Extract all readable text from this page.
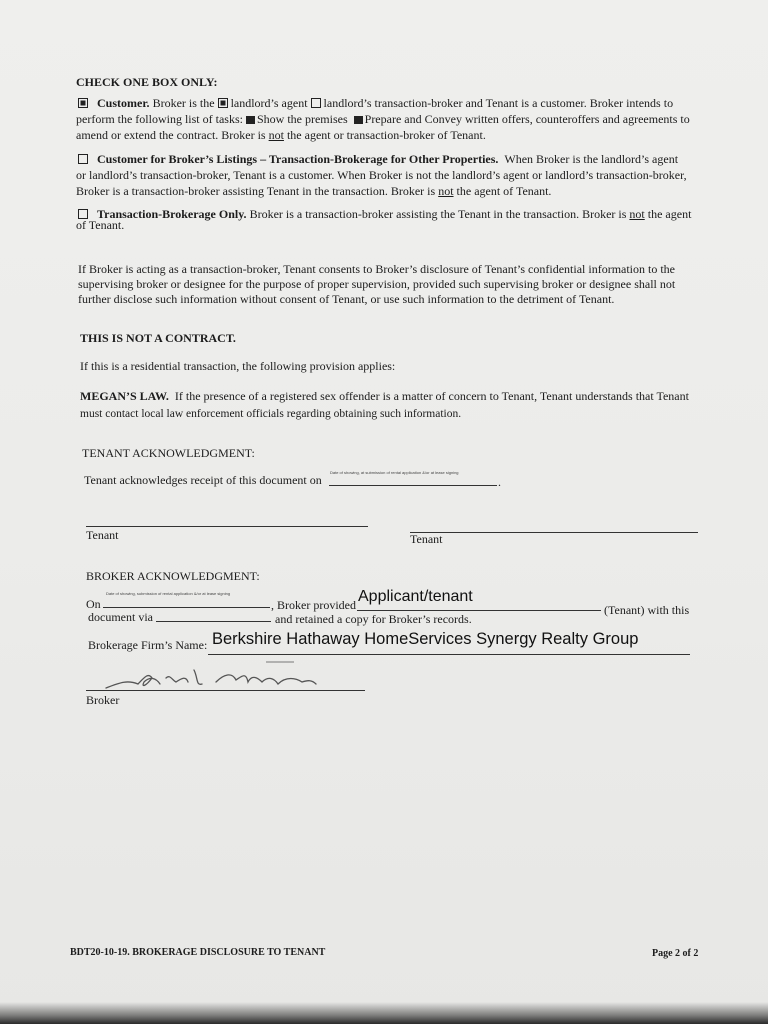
CHECK ONE BOX ONLY:
Customer. Broker is the landlord’s agent landlord’s transaction-broker and Tenant is a customer. Broker intends to
perform the following list of tasks: Show the premises Prepare and Convey written offers, counteroffers and agreements to
amend or extend the contract. Broker is not the agent or transaction-broker of Tenant.
Customer for Broker’s Listings – Transaction-Brokerage for Other Properties. When Broker is the landlord’s agent
or landlord’s transaction-broker, Tenant is a customer. When Broker is not the landlord’s agent or landlord’s transaction-broker,
Broker is a transaction-broker assisting Tenant in the transaction. Broker is not the agent of Tenant.
Transaction-Brokerage Only. Broker is a transaction-broker assisting the Tenant in the transaction. Broker is not the agent
of Tenant.
If Broker is acting as a transaction-broker, Tenant consents to Broker’s disclosure of Tenant’s confidential information to the
supervising broker or designee for the purpose of proper supervision, provided such supervising broker or designee shall not
further disclose such information without consent of Tenant, or use such information to the detriment of Tenant.
THIS IS NOT A CONTRACT.
If this is a residential transaction, the following provision applies:
MEGAN’S LAW. If the presence of a registered sex offender is a matter of concern to Tenant, Tenant understands that Tenant
must contact local law enforcement officials regarding obtaining such information.
TENANT ACKNOWLEDGMENT:
Tenant acknowledges receipt of this document on
Date of showing, at submission of rental application &/or at lease signing
.
Tenant	Tenant
BROKER ACKNOWLEDGMENT:
Date of showing, submission of rental application &/or at lease signing
On	, Broker provided Applicant/tenant
(Tenant) with this
document via	and retained a copy for Broker’s records.
Brokerage Firm’s Name: Berkshire Hathaway HomeServices Synergy Realty Group
Broker
BDT20-10-19. BROKERAGE DISCLOSURE TO TENANT	Page 2 of 2
